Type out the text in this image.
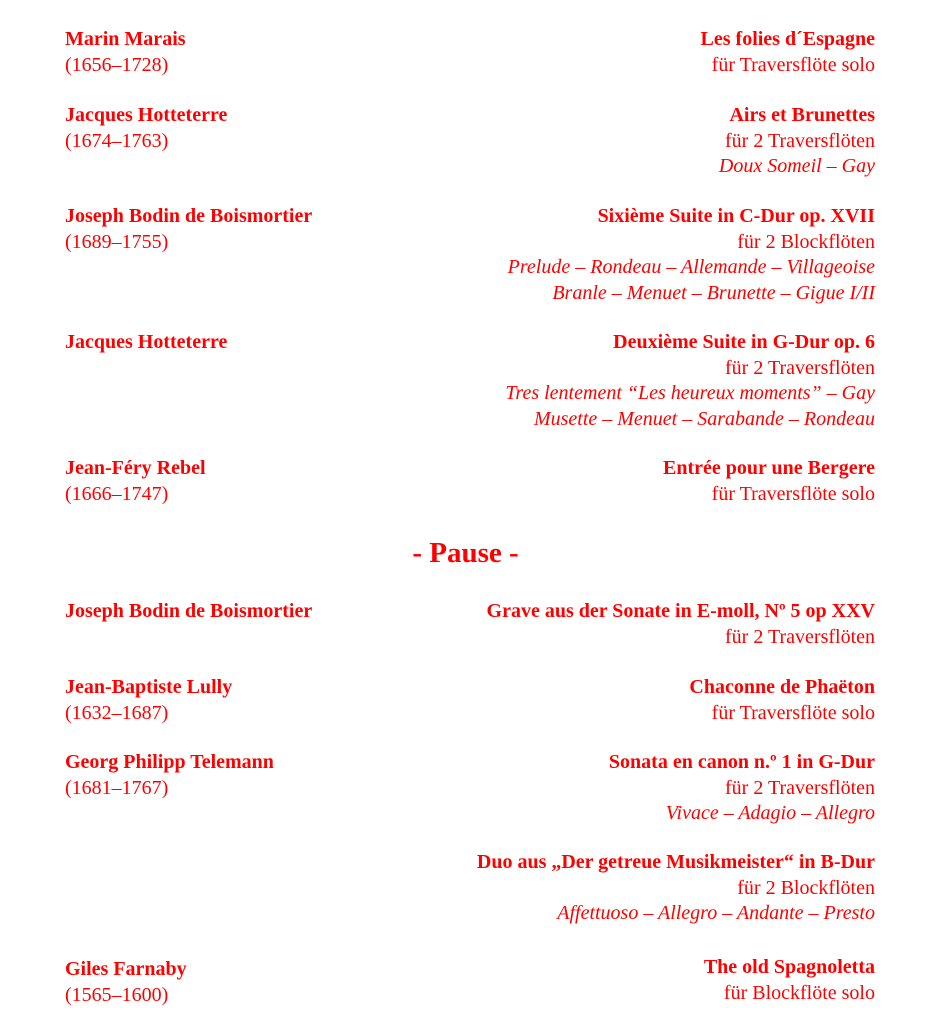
Marin Marais
(1656–1728)
Les folies d´Espagne
für Traversflöte solo
Jacques Hotteterre
(1674–1763)
Airs et Brunettes
für 2 Traversflöten
Doux Someil – Gay
Joseph Bodin de Boismortier
(1689–1755)
Sixième Suite in C-Dur op. XVII
für 2 Blockflöten
Prelude – Rondeau – Allemande – Villageoise
Branle – Menuet – Brunette – Gigue I/II
Jacques Hotteterre	Deuxième Suite in G-Dur op. 6
für 2 Traversflöten
Tres lentement “Les heureux moments” – Gay
Musette – Menuet – Sarabande – Rondeau
Jean-Féry Rebel
(1666–1747)
Entrée pour une Bergere
für Traversflöte solo
- Pause -
Joseph Bodin de Boismortier	Grave aus der Sonate in E-moll, Nº 5 op XXV
für 2 Traversflöten
Jean-Baptiste Lully
(1632–1687)
Chaconne de Phaëton
für Traversflöte solo
Georg Philipp Telemann
(1681–1767)
Sonata en canon n.º 1 in G-Dur
für 2 Traversflöten
Vivace – Adagio – Allegro
Duo aus „Der getreue Musikmeister“ in B-Dur
für 2 Blockflöten
Affettuoso – Allegro – Andante – Presto
Giles Farnaby
(1565–1600)
The old Spagnoletta
für Blockflöte solo
